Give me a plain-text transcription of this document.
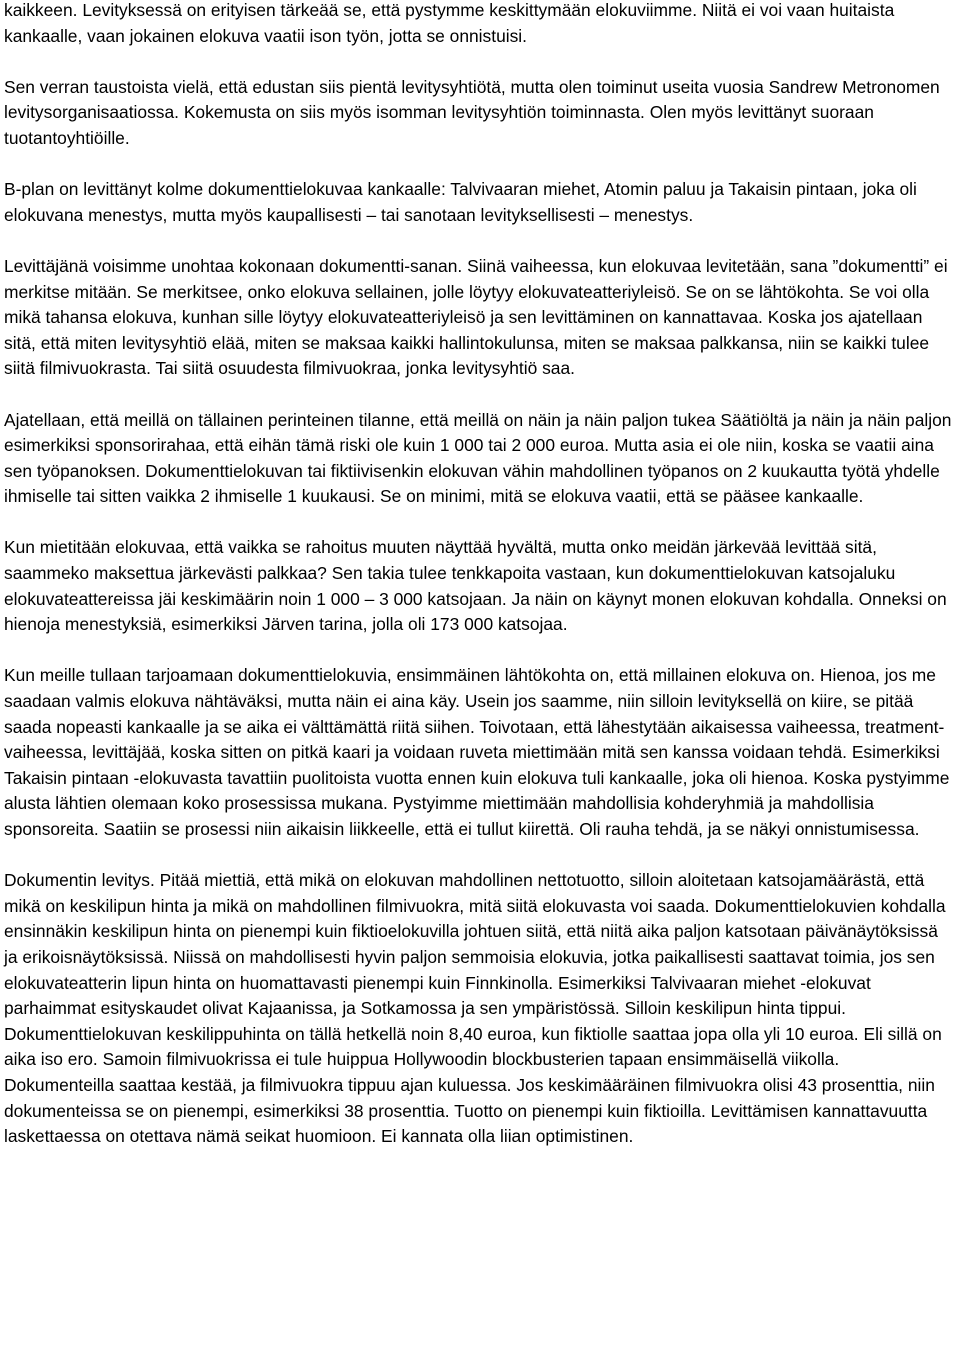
kaikkeen. Levityksessä on erityisen tärkeää se, että pystymme keskittymään elokuviimme. Niitä ei voi vaan huitaista kankaalle, vaan jokainen elokuva vaatii ison työn, jotta se onnistuisi.

Sen verran taustoista vielä, että edustan siis pientä levitysyhtiötä, mutta olen toiminut useita vuosia Sandrew Metronomen levitysorganisaatiossa. Kokemusta on siis myös isomman levitysyhtiön toiminnasta. Olen myös levittänyt suoraan tuotantoyhtiöille.

B-plan on levittänyt kolme dokumenttielokuvaa kankaalle: Talvivaaran miehet, Atomin paluu ja Takaisin pintaan, joka oli elokuvana menestys, mutta myös kaupallisesti – tai sanotaan levityksellisesti – menestys.

Levittäjänä voisimme unohtaa kokonaan dokumentti-sanan. Siinä vaiheessa, kun elokuvaa levitetään, sana ”dokumentti” ei merkitse mitään. Se merkitsee, onko elokuva sellainen, jolle löytyy elokuvateatteriyleisö. Se on se lähtökohta. Se voi olla mikä tahansa elokuva, kunhan sille löytyy elokuvateatteriyleisö ja sen levittäminen on kannattavaa. Koska jos ajatellaan sitä, että miten levitysyhtiö elää, miten se maksaa kaikki hallintokulunsa, miten se maksaa palkkansa, niin se kaikki tulee siitä filmivuokrasta. Tai siitä osuudesta filmivuokraa, jonka levitysyhtiö saa.

Ajatellaan, että meillä on tällainen perinteinen tilanne, että meillä on näin ja näin paljon tukea Säätiöltä ja näin ja näin paljon esimerkiksi sponsorirahaa, että eihän tämä riski ole kuin 1 000 tai 2 000 euroa. Mutta asia ei ole niin, koska se vaatii aina sen työpanoksen. Dokumenttielokuvan tai fiktiivisenkin elokuvan vähin mahdollinen työpanos on 2 kuukautta työtä yhdelle ihmiselle tai sitten vaikka 2 ihmiselle 1 kuukausi. Se on minimi, mitä se elokuva vaatii, että se pääsee kankaalle.

Kun mietitään elokuvaa, että vaikka se rahoitus muuten näyttää hyvältä, mutta onko meidän järkevää levittää sitä, saammeko maksettua järkevästi palkkaa? Sen takia tulee tenkkapoita vastaan, kun dokumenttielokuvan katsojaluku elokuvateattereissa jäi keskimäärin noin 1 000 – 3 000 katsojaan. Ja näin on käynyt monen elokuvan kohdalla. Onneksi on hienoja menestyksiä, esimerkiksi Järven tarina, jolla oli 173 000 katsojaa.

Kun meille tullaan tarjoamaan dokumenttielokuvia, ensimmäinen lähtökohta on, että millainen elokuva on. Hienoa, jos me saadaan valmis elokuva nähtäväksi, mutta näin ei aina käy. Usein jos saamme, niin silloin levityksellä on kiire, se pitää saada nopeasti kankaalle ja se aika ei välttämättä riitä siihen. Toivotaan, että lähestytään aikaisessa vaiheessa, treatment-vaiheessa, levittäjää, koska sitten on pitkä kaari ja voidaan ruveta miettimään mitä sen kanssa voidaan tehdä. Esimerkiksi Takaisin pintaan -elokuvasta tavattiin puolitoista vuotta ennen kuin elokuva tuli kankaalle, joka oli hienoa. Koska pystyimme alusta lähtien olemaan koko prosessissa mukana. Pystyimme miettimään mahdollisia kohderyhmiä ja mahdollisia sponsoreita. Saatiin se prosessi niin aikaisin liikkeelle, että ei tullut kiirettä. Oli rauha tehdä, ja se näkyi onnistumisessa.

Dokumentin levitys. Pitää miettiä, että mikä on elokuvan mahdollinen nettotuotto, silloin aloitetaan katsojamäärästä, että mikä on keskilipun hinta ja mikä on mahdollinen filmivuokra, mitä siitä elokuvasta voi saada. Dokumenttielokuvien kohdalla ensinnäkin keskilipun hinta on pienempi kuin fiktioelokuvilla johtuen siitä, että niitä aika paljon katsotaan päivänäytöksissä ja erikoisnäytöksissä. Niissä on mahdollisesti hyvin paljon semmoisia elokuvia, jotka paikallisesti saattavat toimia, jos sen elokuvateatterin lipun hinta on huomattavasti pienempi kuin Finnkinolla. Esimerkiksi Talvivaaran miehet -elokuvat parhaimmat esityskaudet olivat Kajaanissa, ja Sotkamossa ja sen ympäristössä. Silloin keskilipun hinta tippui.Dokumenttielokuvan keskilippuhinta on tällä hetkellä noin 8,40 euroa, kun fiktiolle saattaa jopa olla yli 10 euroa. Eli sillä on aika iso ero. Samoin filmivuokrissa ei tule huippua Hollywoodin blockbusterien tapaan ensimmäisellä viikolla.Dokumenteilla saattaa kestää, ja filmivuokra tippuu ajan kuluessa. Jos keskimääräinen filmivuokra olisi 43 prosenttia, niin dokumenteissa se on pienempi, esimerkiksi 38 prosenttia. Tuotto on pienempi kuin fiktioilla. Levittämisen kannattavuutta laskettaessa on otettava nämä seikat huomioon. Ei kannata olla liian optimistinen.
